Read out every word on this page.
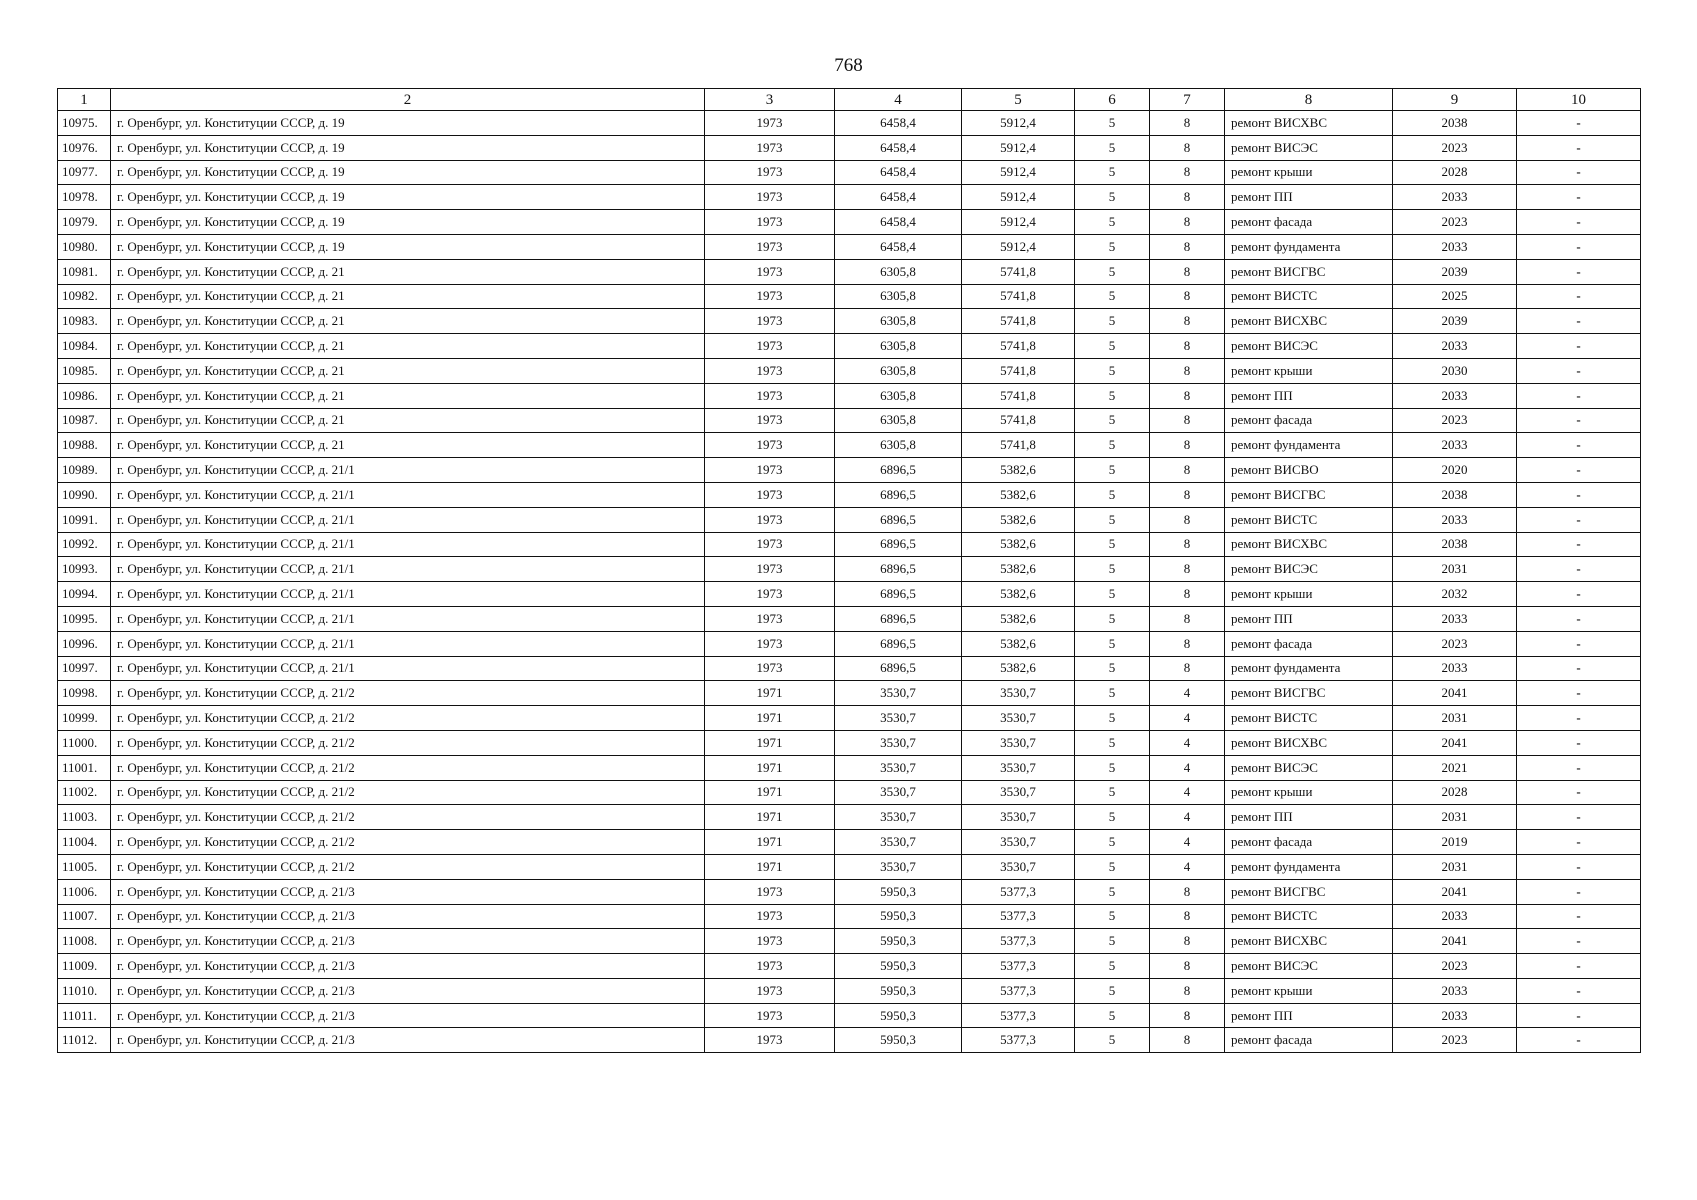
768
1	2	3	4	5	6	7	8	9	10
10975.	г. Оренбург, ул. Конституции СССР, д. 19	1973	6458,4	5912,4	5	8	ремонт ВИСХВС	2038	-
10976.	г. Оренбург, ул. Конституции СССР, д. 19	1973	6458,4	5912,4	5	8	ремонт ВИСЭС	2023	-
10977.	г. Оренбург, ул. Конституции СССР, д. 19	1973	6458,4	5912,4	5	8	ремонт крыши	2028	-
10978.	г. Оренбург, ул. Конституции СССР, д. 19	1973	6458,4	5912,4	5	8	ремонт ПП	2033	-
10979.	г. Оренбург, ул. Конституции СССР, д. 19	1973	6458,4	5912,4	5	8	ремонт фасада	2023	-
10980.	г. Оренбург, ул. Конституции СССР, д. 19	1973	6458,4	5912,4	5	8	ремонт фундамента	2033	-
10981.	г. Оренбург, ул. Конституции СССР, д. 21	1973	6305,8	5741,8	5	8	ремонт ВИСГВС	2039	-
10982.	г. Оренбург, ул. Конституции СССР, д. 21	1973	6305,8	5741,8	5	8	ремонт ВИСТС	2025	-
10983.	г. Оренбург, ул. Конституции СССР, д. 21	1973	6305,8	5741,8	5	8	ремонт ВИСХВС	2039	-
10984.	г. Оренбург, ул. Конституции СССР, д. 21	1973	6305,8	5741,8	5	8	ремонт ВИСЭС	2033	-
10985.	г. Оренбург, ул. Конституции СССР, д. 21	1973	6305,8	5741,8	5	8	ремонт крыши	2030	-
10986.	г. Оренбург, ул. Конституции СССР, д. 21	1973	6305,8	5741,8	5	8	ремонт ПП	2033	-
10987.	г. Оренбург, ул. Конституции СССР, д. 21	1973	6305,8	5741,8	5	8	ремонт фасада	2023	-
10988.	г. Оренбург, ул. Конституции СССР, д. 21	1973	6305,8	5741,8	5	8	ремонт фундамента	2033	-
10989.	г. Оренбург, ул. Конституции СССР, д. 21/1	1973	6896,5	5382,6	5	8	ремонт ВИСВО	2020	-
10990.	г. Оренбург, ул. Конституции СССР, д. 21/1	1973	6896,5	5382,6	5	8	ремонт ВИСГВС	2038	-
10991.	г. Оренбург, ул. Конституции СССР, д. 21/1	1973	6896,5	5382,6	5	8	ремонт ВИСТС	2033	-
10992.	г. Оренбург, ул. Конституции СССР, д. 21/1	1973	6896,5	5382,6	5	8	ремонт ВИСХВС	2038	-
10993.	г. Оренбург, ул. Конституции СССР, д. 21/1	1973	6896,5	5382,6	5	8	ремонт ВИСЭС	2031	-
10994.	г. Оренбург, ул. Конституции СССР, д. 21/1	1973	6896,5	5382,6	5	8	ремонт крыши	2032	-
10995.	г. Оренбург, ул. Конституции СССР, д. 21/1	1973	6896,5	5382,6	5	8	ремонт ПП	2033	-
10996.	г. Оренбург, ул. Конституции СССР, д. 21/1	1973	6896,5	5382,6	5	8	ремонт фасада	2023	-
10997.	г. Оренбург, ул. Конституции СССР, д. 21/1	1973	6896,5	5382,6	5	8	ремонт фундамента	2033	-
10998.	г. Оренбург, ул. Конституции СССР, д. 21/2	1971	3530,7	3530,7	5	4	ремонт ВИСГВС	2041	-
10999.	г. Оренбург, ул. Конституции СССР, д. 21/2	1971	3530,7	3530,7	5	4	ремонт ВИСТС	2031	-
11000.	г. Оренбург, ул. Конституции СССР, д. 21/2	1971	3530,7	3530,7	5	4	ремонт ВИСХВС	2041	-
11001.	г. Оренбург, ул. Конституции СССР, д. 21/2	1971	3530,7	3530,7	5	4	ремонт ВИСЭС	2021	-
11002.	г. Оренбург, ул. Конституции СССР, д. 21/2	1971	3530,7	3530,7	5	4	ремонт крыши	2028	-
11003.	г. Оренбург, ул. Конституции СССР, д. 21/2	1971	3530,7	3530,7	5	4	ремонт ПП	2031	-
11004.	г. Оренбург, ул. Конституции СССР, д. 21/2	1971	3530,7	3530,7	5	4	ремонт фасада	2019	-
11005.	г. Оренбург, ул. Конституции СССР, д. 21/2	1971	3530,7	3530,7	5	4	ремонт фундамента	2031	-
11006.	г. Оренбург, ул. Конституции СССР, д. 21/3	1973	5950,3	5377,3	5	8	ремонт ВИСГВС	2041	-
11007.	г. Оренбург, ул. Конституции СССР, д. 21/3	1973	5950,3	5377,3	5	8	ремонт ВИСТС	2033	-
11008.	г. Оренбург, ул. Конституции СССР, д. 21/3	1973	5950,3	5377,3	5	8	ремонт ВИСХВС	2041	-
11009.	г. Оренбург, ул. Конституции СССР, д. 21/3	1973	5950,3	5377,3	5	8	ремонт ВИСЭС	2023	-
11010.	г. Оренбург, ул. Конституции СССР, д. 21/3	1973	5950,3	5377,3	5	8	ремонт крыши	2033	-
11011.	г. Оренбург, ул. Конституции СССР, д. 21/3	1973	5950,3	5377,3	5	8	ремонт ПП	2033	-
11012.	г. Оренбург, ул. Конституции СССР, д. 21/3	1973	5950,3	5377,3	5	8	ремонт фасада	2023	-
